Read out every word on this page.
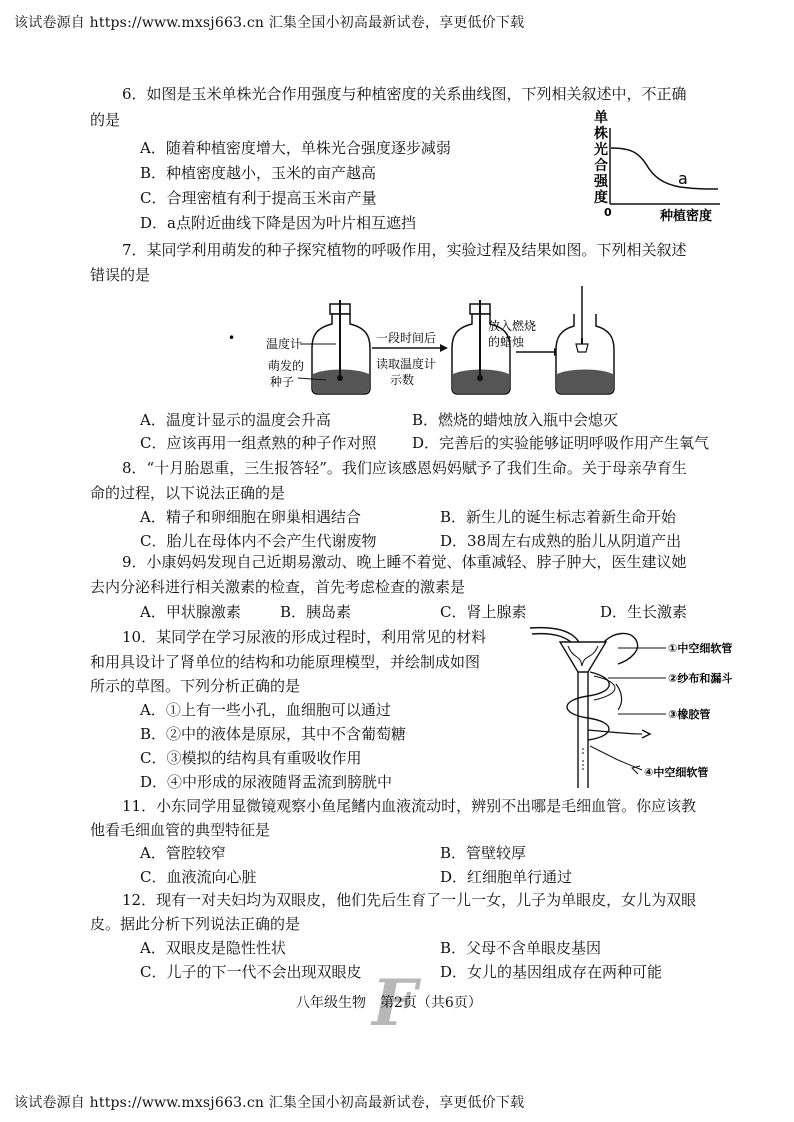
该试卷源自 https://www.mxsj663.cn 汇集全国小初高最新试卷，享更低价下载
6．如图是玉米单株光合作用强度与种植密度的关系曲线图，下列相关叙述中，不正确
的是
A．随着种植密度增大，单株光合强度逐步减弱
B．种植密度越小，玉米的亩产越高
C．合理密植有利于提高玉米亩产量
D．a点附近曲线下降是因为叶片相互遮挡
单
株
光
合
强
度
0
a
种植密度
7．某同学利用萌发的种子探究植物的呼吸作用，实验过程及结果如图。下列相关叙述
错误的是
•	温度计
萌发的
种子
一段时间后
读取温度计
示数
放入燃烧
的蜡烛
A．温度计显示的温度会升高	B．燃烧的蜡烛放入瓶中会熄灭
C．应该再用一组煮熟的种子作对照 D．完善后的实验能够证明呼吸作用产生氧气
8．“十月胎恩重，三生报答轻”。我们应该感恩妈妈赋予了我们生命。关于母亲孕育生
命的过程，以下说法正确的是
A．精子和卵细胞在卵巢相遇结合	B．新生儿的诞生标志着新生命开始
C．胎儿在母体内不会产生代谢废物	D．38周左右成熟的胎儿从阴道产出
9．小康妈妈发现自己近期易激动、晚上睡不着觉、体重减轻、脖子肿大，医生建议她
去内分泌科进行相关激素的检查，首先考虑检查的激素是
A．甲状腺激素	B．胰岛素	C．肾上腺素	D．生长激素
10．某同学在学习尿液的形成过程时，利用常见的材料
和用具设计了肾单位的结构和功能原理模型，并绘制成如图
所示的草图。下列分析正确的是
A．①上有一些小孔，血细胞可以通过
B．②中的液体是原尿，其中不含葡萄糖
C．③模拟的结构具有重吸收作用
D．④中形成的尿液随肾盂流到膀胱中
①中空细软管
②纱布和漏斗
③橡胶管
④中空细软管
11．小东同学用显微镜观察小鱼尾鳍内血液流动时，辨别不出哪是毛细血管。你应该教
他看毛细血管的典型特征是
A．管腔较窄	B．管壁较厚
C．血液流向心脏	D．红细胞单行通过
12．现有一对夫妇均为双眼皮，他们先后生育了一儿一女，儿子为单眼皮，女儿为双眼
皮。据此分析下列说法正确的是
A．双眼皮是隐性性状	B．父母不含单眼皮基因
C．儿子的下一代不会出现双眼皮	D．女儿的基因组成存在两种可能
F
八年级生物　第2页（共6页）
该试卷源自 https://www.mxsj663.cn 汇集全国小初高最新试卷，享更低价下载
